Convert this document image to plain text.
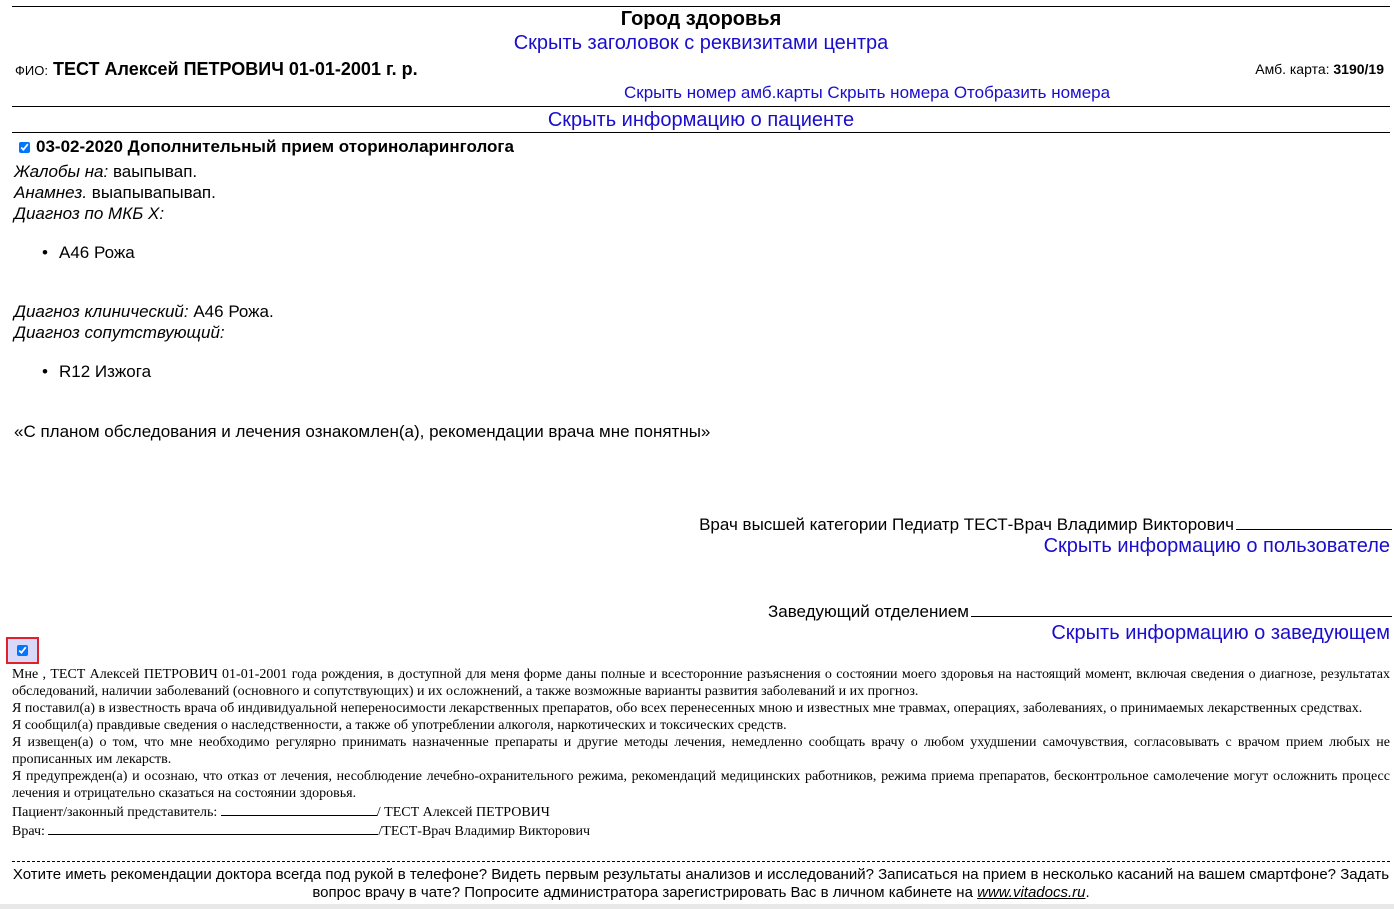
Город здоровья
Скрыть заголовок с реквизитами центра
ФИО: ТЕСТ Алексей ПЕТРОВИЧ 01-01-2001 г. р.	Амб. карта: 3190/19
Скрыть номер амб.карты Скрыть номера Отобразить номера
Скрыть информацию о пациенте
03-02-2020 Дополнительный прием оториноларинголога
Жалобы на: ваыпывап.
Анамнез. выапывапывап.
Диагноз по МКБ X:
• A46 Рожа
Диагноз клинический: A46 Рожа.
Диагноз сопутствующий:
• R12 Изжога
«С планом обследования и лечения ознакомлен(а), рекомендации врача мне понятны»
Врач высшей категории Педиатр ТЕСТ-Врач Владимир Викторович
Скрыть информацию о пользователе
Заведующий отделением
Скрыть информацию о заведующем

Мне , ТЕСТ Алексей ПЕТРОВИЧ 01-01-2001 года рождения, в доступной для меня форме даны полные и всесторонние разъяснения о состоянии моего здоровья на настоящий момент, включая сведения о диагнозе, результатах обследований, наличии заболеваний (основного и сопутствующих) и их осложнений, а также возможные варианты развития заболеваний и их прогноз.

Я поставил(а) в известность врача об индивидуальной непереносимости лекарственных препаратов, обо всех перенесенных мною и известных мне травмах, операциях, заболеваниях, о принимаемых лекарственных средствах.

Я сообщил(а) правдивые сведения о наследственности, а также об употреблении алкоголя, наркотических и токсических средств.

Я извещен(а) о том, что мне необходимо регулярно принимать назначенные препараты и другие методы лечения, немедленно сообщать врачу о любом ухудшении самочувствия, согласовывать с врачом прием любых не прописанных им лекарств.

Я предупрежден(а) и осознаю, что отказ от лечения, несоблюдение лечебно-охранительного режима, рекомендаций медицинских работников, режима приема препаратов, бесконтрольное самолечение могут осложнить процесс лечения и отрицательно сказаться на состоянии здоровья.

Пациент/законный представитель:	/ ТЕСТ Алексей ПЕТРОВИЧ

Врач:	/ТЕСТ-Врач Владимир Викторович

Хотите иметь рекомендации доктора всегда под рукой в телефоне? Видеть первым результаты анализов и исследований? Записаться на прием в несколько касаний на вашем смартфоне? Задать вопрос врачу в чате? Попросите администратора зарегистрировать Вас в личном кабинете на www.vitadocs.ru.
